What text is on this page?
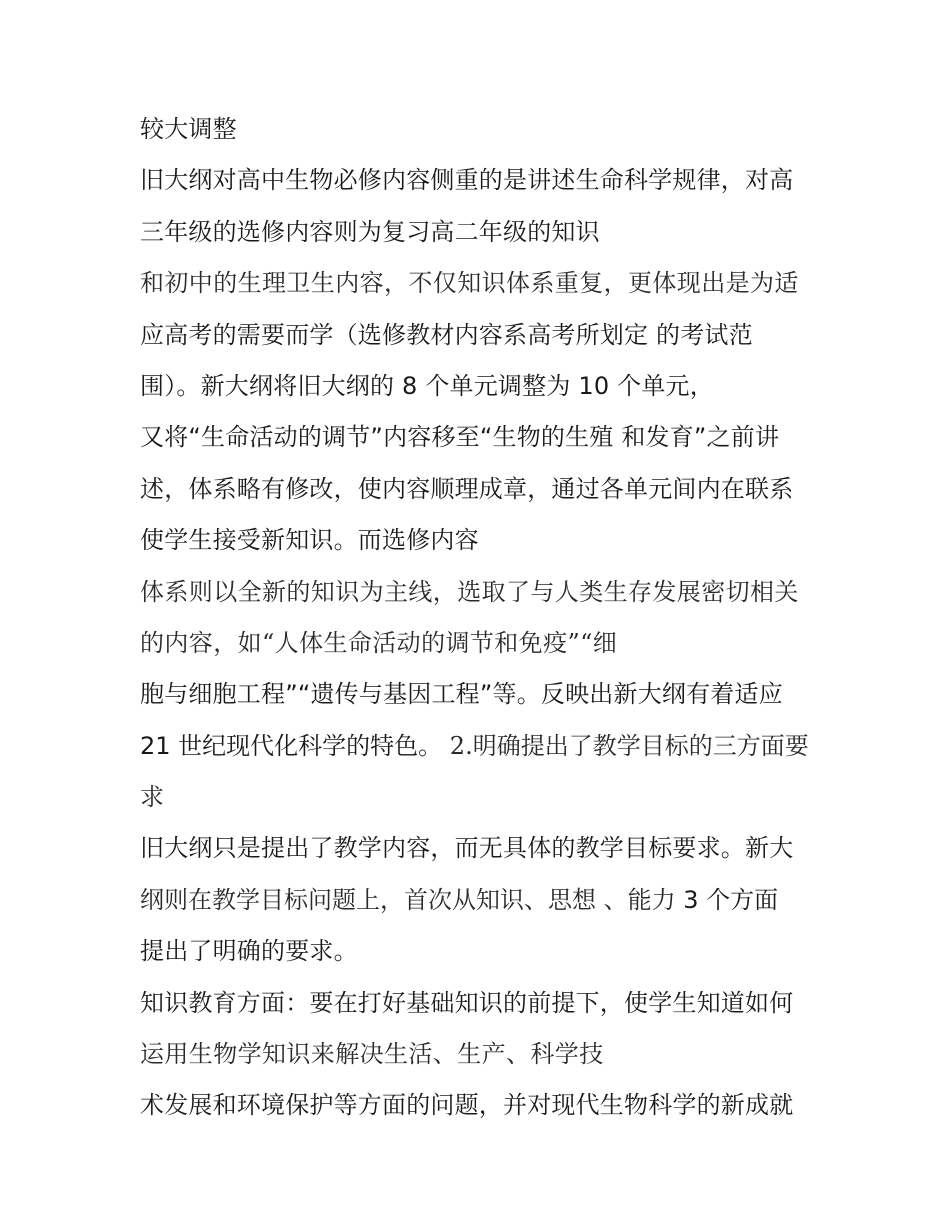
较大调整
旧大纲对高中生物必修内容侧重的是讲述生命科学规律，对高
三年级的选修内容则为复习高二年级的知识
和初中的生理卫生内容，不仅知识体系重复，更体现出是为适
应高考的需要而学（选修教材内容系高考所划定 的考试范
围）。新大纲将旧大纲的 8 个单元调整为 10 个单元，
又将“生命活动的调节”内容移至“生物的生殖 和发育”之前讲
述，体系略有修改，使内容顺理成章，通过各单元间内在联系
使学生接受新知识。而选修内容
体系则以全新的知识为主线，选取了与人类生存发展密切相关
的内容，如“人体生命活动的调节和免疫”“细
胞与细胞工程”“遗传与基因工程”等。反映出新大纲有着适应
21 世纪现代化科学的特色。 2.明确提出了教学目标的三方面要
求
旧大纲只是提出了教学内容，而无具体的教学目标要求。新大
纲则在教学目标问题上，首次从知识、思想 、能力 3 个方面
提出了明确的要求。
知识教育方面：要在打好基础知识的前提下，使学生知道如何
运用生物学知识来解决生活、生产、科学技
术发展和环境保护等方面的问题，并对现代生物科学的新成就
